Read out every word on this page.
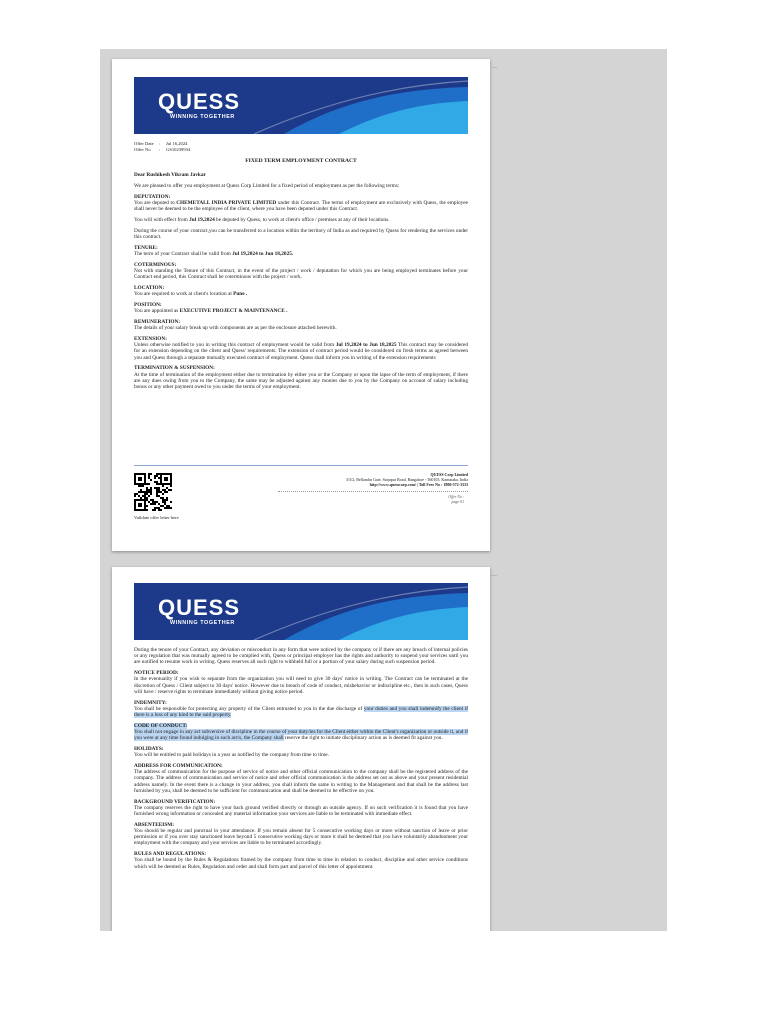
QUESS
WINNING TOGETHER
Offer Date : Jul 16,2024
Offer No : GS10239934
FIXED TERM EMPLOYMENT CONTRACT

Dear Rushikesh Vikram Javkar

We are pleased to offer you employment at Quess Corp Limited for a fixed period of employment as per the following terms:

DEPUTATION:

You are deputed to CHEMETALL INDIA PRIVATE LIMITED under this Contract. The terms of employment are exclusively with Quess, the employee shall never be deemed to be the employee of the client, where you have been deputed under this Contract.

You will with effect from Jul 19,2024 be deputed by Quess, to work at client's office / premises at any of their locations.

During the course of your contract,you can be transferred to a location within the territory of India as and required by Quess for rendering the services under this contract.

TENURE:

The term of your Contract shall be valid from Jul 19,2024 to Jun 18,2025.

COTERMINOUS:

Not with standing the Tenure of this Contract, in the event of the project / work / deputation for which you are being employed terminates before your Contract end period, this Contract shall be coterminous with the project / work.

LOCATION:

You are required to work at client's location at Pune .

POSITION:

You are appointed as EXECUTIVE PROJECT & MAINTENANCE .

REMUNERATION:

The details of your salary break up with components are as per the enclosure attached herewith.

EXTENSION:

Unless otherwise notified to you in writing this contract of employment would be valid from Jul 19,2024 to Jun 18,2025 This contract may be considered for an extension depending on the client and Quess' requirements. The extension of contract period would be considered on fresh terms as agreed between you and Quess through a separate mutually executed contract of employment. Quess shall inform you in writing of the extension requirements

TERMINATION & SUSPENSION:

At the time of termination of the employment either due to termination by either you or the Company or upon the lapse of the term of employment, if there are any dues owing from you to the Company, the same may be adjusted against any monies due to you by the Company on account of salary including bonus or any other payment owed to you under the terms of your employment.

Validate offer letter here
QUESS Corp Limited
3/3/2, Bellandur Gate, Sarjapur Road, Bangalore - 560103. Karnataka, India
http://www.quesscorp.com/ | Toll Free No : 1800-572-3333
Offer No :
page-01
QUESS
WINNING TOGETHER

During the tenure of your Contract, any deviation or misconduct in any form that were noticed by the company or if there are any breach of internal policies or any regulation that was mutually agreed to be complied with, Quess or principal employer has the rights and authority to suspend your services until you are notified to resume work in writing. Quess reserves all such right to withheld full or a portion of your salary during such suspension period.

NOTICE PERIOD:

In the eventuality if you wish to separate from the organization you will need to give 30 days' notice in writing. The Contract can be terminated at the discretion of Quess / Client subject to 30 days' notice. However due to breach of code of conduct, misbehavior or indiscipline etc., then in such cases, Quess will have / reserve rights to terminate immediately without giving notice period.

INDEMNITY:

You shall be responsible for protecting any property of the Client entrusted to you in the due discharge of your duties and you shall indemnify the client if there is a loss of any kind to the said property.

CODE OF CONDUCT:

You shall not engage in any act subversive of discipline in the course of your duty/ies for the Client either within the Client's organization or outside it, and if you were at any time found indulging in such act/s, the Company shall reserve the right to initiate disciplinary action as is deemed fit against you.

HOLIDAYS:

You will be entitled to paid holidays in a year as notified by the company from time to time.

ADDRESS FOR COMMUNICATION:

The address of communication for the purpose of service of notice and other official communication to the company shall be the registered address of the company. The address of communication and service of notice and other official communication is the address set out as above and your present residential address namely. In the event there is a change in your address, you shall inform the same in writing to the Management and that shall be the address last furnished by you, shall be deemed to be sufficient for communication and shall be deemed to be effective on you.

BACKGROUND VERIFICATION:

The company reserves the right to have your back ground verified directly or through an outside agency. If on such verification it is found that you have furnished wrong information or concealed any material information your services are liable to be terminated with immediate effect.

ABSENTEEISM:

You should be regular and punctual in your attendance. If you remain absent for 5 consecutive working days or more without sanction of leave or prior permission or if you over stay sanctioned leave beyond 5 consecutive working days or more it shall be deemed that you have voluntarily abandonment your employment with the company and your services are liable to be terminated accordingly.

RULES AND REGULATIONS:

You shall be bound by the Rules & Regulations framed by the company from time to time in relation to conduct, discipline and other service conditions which will be deemed as Rules, Regulation and order and shall form part and parcel of this letter of appointment.
